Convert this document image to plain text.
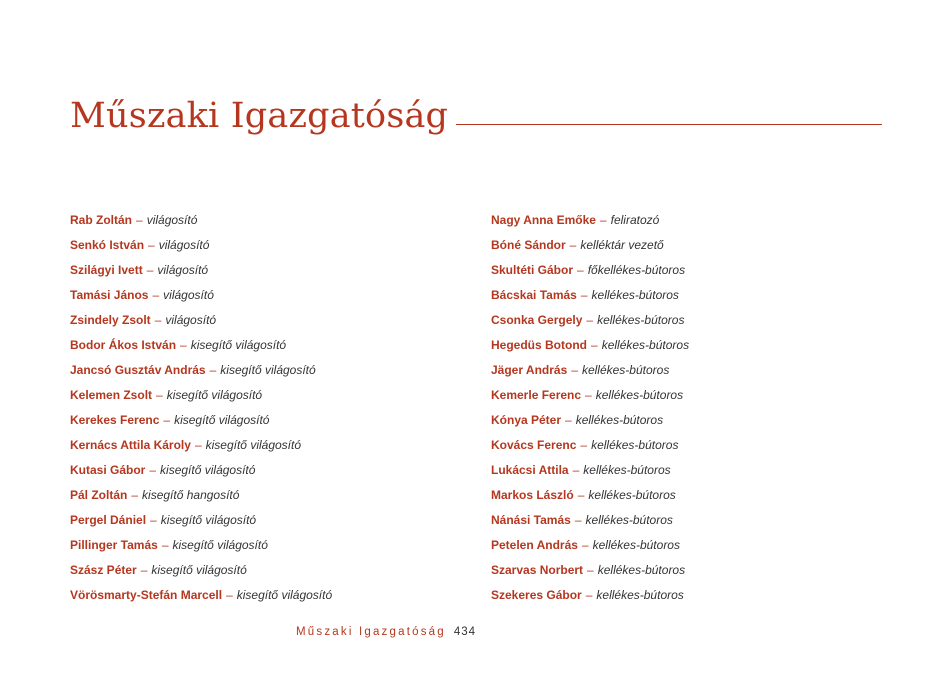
Műszaki Igazgatóság
Rab Zoltán – világosító
Senkó István – világosító
Szilágyi Ivett – világosító
Tamási János – világosító
Zsindely Zsolt – világosító
Bodor Ákos István – kisegítő világosító
Jancsó Gusztáv András – kisegítő világosító
Kelemen Zsolt – kisegítő világosító
Kerekes Ferenc – kisegítő világosító
Kernács Attila Károly – kisegítő világosító
Kutasi Gábor – kisegítő világosító
Pál Zoltán – kisegítő hangosító
Pergel Dániel – kisegítő világosító
Pillinger Tamás – kisegítő világosító
Szász Péter – kisegítő világosító
Vörösmarty-Stefán Marcell – kisegítő világosító
Nagy Anna Emőke – feliratozó
Bóné Sándor – kelléktár vezető
Skultéti Gábor – főkellékes-bútoros
Bácskai Tamás – kellékes-bútoros
Csonka Gergely – kellékes-bútoros
Hegedüs Botond – kellékes-bútoros
Jäger András – kellékes-bútoros
Kemerle Ferenc – kellékes-bútoros
Kónya Péter – kellékes-bútoros
Kovács Ferenc – kellékes-bútoros
Lukácsi Attila – kellékes-bútoros
Markos László – kellékes-bútoros
Nánási Tamás – kellékes-bútoros
Petelen András – kellékes-bútoros
Szarvas Norbert – kellékes-bútoros
Szekeres Gábor – kellékes-bútoros
Műszaki Igazgatóság 434
